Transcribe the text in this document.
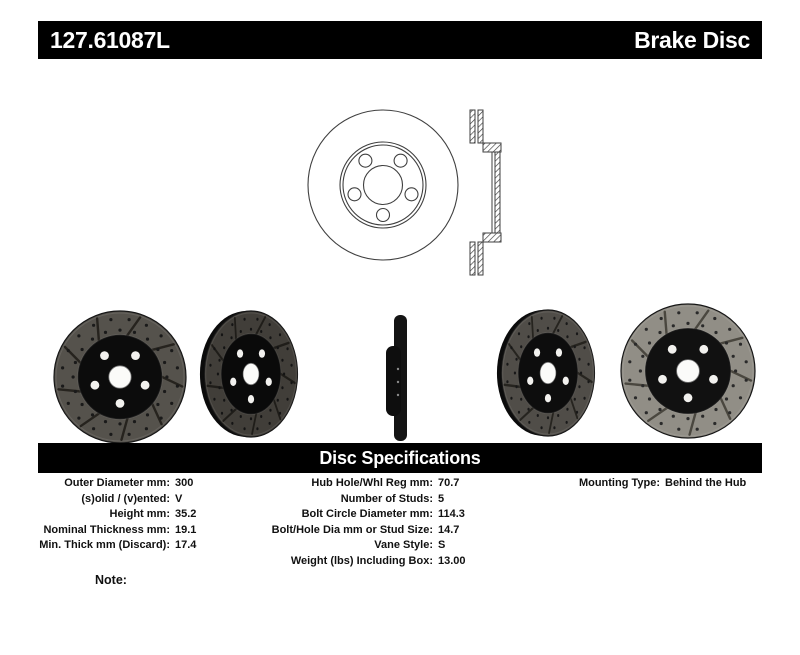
127.61087L	Brake Disc
Disc Specifications
Outer Diameter mm: 300
(s)olid / (v)ented: V
Height mm: 35.2
Nominal Thickness mm: 19.1
Min. Thick mm (Discard): 17.4
Hub Hole/Whl Reg mm: 70.7
Number of Studs: 5
Bolt Circle Diameter mm: 114.3
Bolt/Hole Dia mm or Stud Size: 14.7
Vane Style: S
Weight (lbs) Including Box: 13.00
Mounting Type: Behind the Hub
Note:
